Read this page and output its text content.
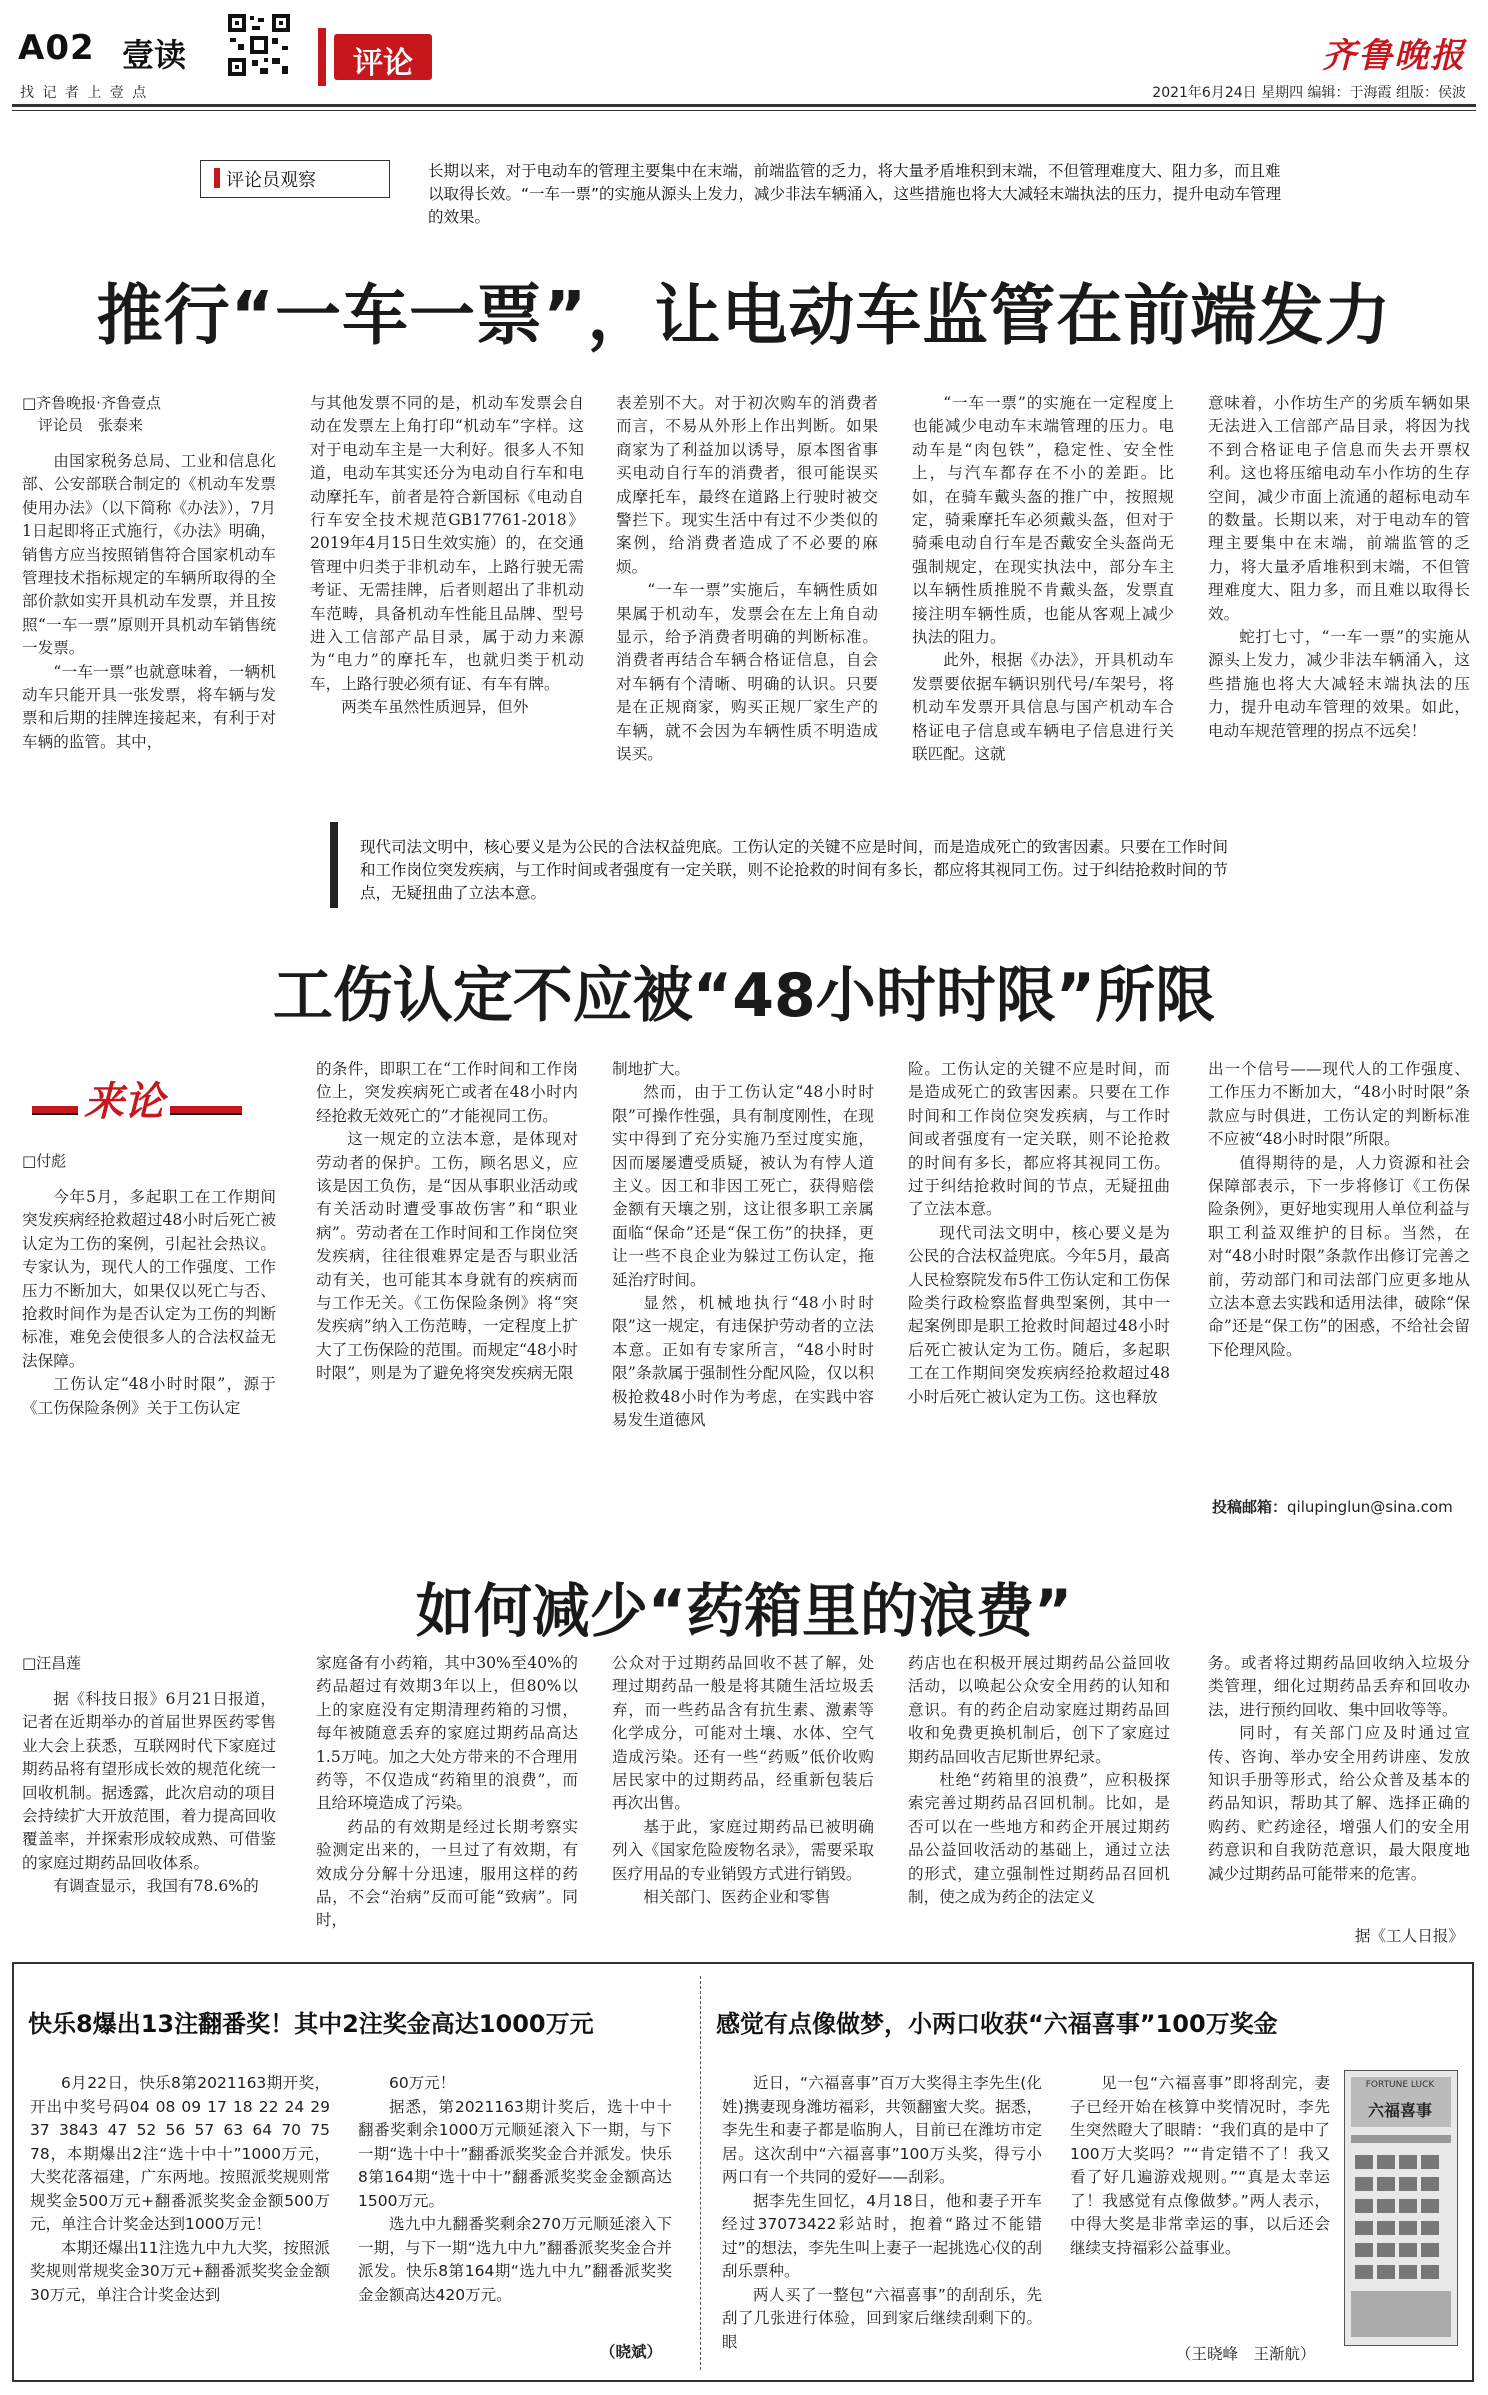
A02 壹读
找 记 者 上 壹 点
评论	齐鲁晚报
2021年6月24日 星期四 编辑：于海霞 组版：侯波
评论员观察	长期以来，对于电动车的管理主要集中在末端，前端监管的乏力，将大量矛盾堆积到末端，不但管理难度大、阻力多，而且难以取得长效。“一车一票”的实施从源头上发力，减少非法车辆涌入，这些措施也将大大减轻末端执法的压力，提升电动车管理的效果。
推行“一车一票”，让电动车监管在前端发力

□齐鲁晚报·齐鲁壹点

评论员　张泰来

由国家税务总局、工业和信息化部、公安部联合制定的《机动车发票使用办法》（以下简称《办法》），7月1日起即将正式施行，《办法》明确，销售方应当按照销售符合国家机动车管理技术指标规定的车辆所取得的全部价款如实开具机动车发票，并且按照“一车一票”原则开具机动车销售统一发票。

“一车一票”也就意味着，一辆机动车只能开具一张发票，将车辆与发票和后期的挂牌连接起来，有利于对车辆的监管。其中，

与其他发票不同的是，机动车发票会自动在发票左上角打印“机动车”字样。这对于电动车主是一大利好。很多人不知道，电动车其实还分为电动自行车和电动摩托车，前者是符合新国标《电动自行车安全技术规范GB17761-2018》2019年4月15日生效实施）的，在交通管理中归类于非机动车，上路行驶无需考证、无需挂牌，后者则超出了非机动车范畴，具备机动车性能且品牌、型号进入工信部产品目录，属于动力来源为“电力”的摩托车，也就归类于机动车，上路行驶必须有证、有车有牌。

两类车虽然性质迥异，但外

表差别不大。对于初次购车的消费者而言，不易从外形上作出判断。如果商家为了利益加以诱导，原本图省事买电动自行车的消费者，很可能误买成摩托车，最终在道路上行驶时被交警拦下。现实生活中有过不少类似的案例，给消费者造成了不必要的麻烦。

“一车一票”实施后，车辆性质如果属于机动车，发票会在左上角自动显示，给予消费者明确的判断标准。消费者再结合车辆合格证信息，自会对车辆有个清晰、明确的认识。只要是在正规商家，购买正规厂家生产的车辆，就不会因为车辆性质不明造成误买。

“一车一票”的实施在一定程度上也能减少电动车末端管理的压力。电动车是“肉包铁”，稳定性、安全性上，与汽车都存在不小的差距。比如，在骑车戴头盔的推广中，按照规定，骑乘摩托车必须戴头盔，但对于骑乘电动自行车是否戴安全头盔尚无强制规定，在现实执法中，部分车主以车辆性质推脱不肯戴头盔，发票直接注明车辆性质，也能从客观上减少执法的阻力。

此外，根据《办法》，开具机动车发票要依据车辆识别代号/车架号，将机动车发票开具信息与国产机动车合格证电子信息或车辆电子信息进行关联匹配。这就

意味着，小作坊生产的劣质车辆如果无法进入工信部产品目录，将因为找不到合格证电子信息而失去开票权利。这也将压缩电动车小作坊的生存空间，减少市面上流通的超标电动车的数量。长期以来，对于电动车的管理主要集中在末端，前端监管的乏力，将大量矛盾堆积到末端，不但管理难度大、阻力多，而且难以取得长效。

蛇打七寸，“一车一票”的实施从源头上发力，减少非法车辆涌入，这些措施也将大大减轻末端执法的压力，提升电动车管理的效果。如此，电动车规范管理的拐点不远矣！

现代司法文明中，核心要义是为公民的合法权益兜底。工伤认定的关键不应是时间，而是造成死亡的致害因素。只要在工作时间和工作岗位突发疾病，与工作时间或者强度有一定关联，则不论抢救的时间有多长，都应将其视同工伤。过于纠结抢救时间的节点，无疑扭曲了立法本意。
工伤认定不应被“48小时时限”所限
来论

□付彪

今年5月，多起职工在工作期间突发疾病经抢救超过48小时后死亡被认定为工伤的案例，引起社会热议。专家认为，现代人的工作强度、工作压力不断加大，如果仅以死亡与否、抢救时间作为是否认定为工伤的判断标准，难免会使很多人的合法权益无法保障。

工伤认定“48小时时限”，源于《工伤保险条例》关于工伤认定

的条件，即职工在“工作时间和工作岗位上，突发疾病死亡或者在48小时内经抢救无效死亡的”才能视同工伤。

这一规定的立法本意，是体现对劳动者的保护。工伤，顾名思义，应该是因工负伤，是“因从事职业活动或有关活动时遭受事故伤害”和“职业病”。劳动者在工作时间和工作岗位突发疾病，往往很难界定是否与职业活动有关，也可能其本身就有的疾病而与工作无关。《工伤保险条例》将“突发疾病”纳入工伤范畴，一定程度上扩大了工伤保险的范围。而规定“48小时时限”，则是为了避免将突发疾病无限

制地扩大。

然而，由于工伤认定“48小时时限”可操作性强，具有制度刚性，在现实中得到了充分实施乃至过度实施，因而屡屡遭受质疑，被认为有悖人道主义。因工和非因工死亡，获得赔偿金额有天壤之别，这让很多职工亲属面临“保命”还是“保工伤”的抉择，更让一些不良企业为躲过工伤认定，拖延治疗时间。

显然，机械地执行“48小时时限”这一规定，有违保护劳动者的立法本意。正如有专家所言，“48小时时限”条款属于强制性分配风险，仅以积极抢救48小时作为考虑，在实践中容易发生道德风

险。工伤认定的关键不应是时间，而是造成死亡的致害因素。只要在工作时间和工作岗位突发疾病，与工作时间或者强度有一定关联，则不论抢救的时间有多长，都应将其视同工伤。过于纠结抢救时间的节点，无疑扭曲了立法本意。

现代司法文明中，核心要义是为公民的合法权益兜底。今年5月，最高人民检察院发布5件工伤认定和工伤保险类行政检察监督典型案例，其中一起案例即是职工抢救时间超过48小时后死亡被认定为工伤。随后，多起职工在工作期间突发疾病经抢救超过48小时后死亡被认定为工伤。这也释放

出一个信号——现代人的工作强度、工作压力不断加大，“48小时时限”条款应与时俱进，工伤认定的判断标准不应被“48小时时限”所限。

值得期待的是，人力资源和社会保障部表示，下一步将修订《工伤保险条例》，更好地实现用人单位利益与职工利益双维护的目标。当然，在对“48小时时限”条款作出修订完善之前，劳动部门和司法部门应更多地从立法本意去实践和适用法律，破除“保命”还是“保工伤”的困惑，不给社会留下伦理风险。

投稿邮箱：qilupinglun@sina.com
如何减少“药箱里的浪费”

□汪昌莲

据《科技日报》6月21日报道，记者在近期举办的首届世界医药零售业大会上获悉，互联网时代下家庭过期药品将有望形成长效的规范化统一回收机制。据透露，此次启动的项目会持续扩大开放范围，着力提高回收覆盖率，并探索形成较成熟、可借鉴的家庭过期药品回收体系。

有调查显示，我国有78.6%的

家庭备有小药箱，其中30%至40%的药品超过有效期3年以上，但80%以上的家庭没有定期清理药箱的习惯，每年被随意丢弃的家庭过期药品高达1.5万吨。加之大处方带来的不合理用药等，不仅造成“药箱里的浪费”，而且给环境造成了污染。

药品的有效期是经过长期考察实验测定出来的，一旦过了有效期，有效成分分解十分迅速，服用这样的药品，不会“治病”反而可能“致病”。同时，

公众对于过期药品回收不甚了解，处理过期药品一般是将其随生活垃圾丢弃，而一些药品含有抗生素、激素等化学成分，可能对土壤、水体、空气造成污染。还有一些“药贩”低价收购居民家中的过期药品，经重新包装后再次出售。

基于此，家庭过期药品已被明确列入《国家危险废物名录》，需要采取医疗用品的专业销毁方式进行销毁。

相关部门、医药企业和零售

药店也在积极开展过期药品公益回收活动，以唤起公众安全用药的认知和意识。有的药企启动家庭过期药品回收和免费更换机制后，创下了家庭过期药品回收吉尼斯世界纪录。

杜绝“药箱里的浪费”，应积极探索完善过期药品召回机制。比如，是否可以在一些地方和药企开展过期药品公益回收活动的基础上，通过立法的形式，建立强制性过期药品召回机制，使之成为药企的法定义

务。或者将过期药品回收纳入垃圾分类管理，细化过期药品丢弃和回收办法，进行预约回收、集中回收等等。

同时，有关部门应及时通过宣传、咨询、举办安全用药讲座、发放知识手册等形式，给公众普及基本的药品知识，帮助其了解、选择正确的购药、贮药途径，增强人们的安全用药意识和自我防范意识，最大限度地减少过期药品可能带来的危害。

据《工人日报》
快乐8爆出13注翻番奖！其中2注奖金高达1000万元	感觉有点像做梦，小两口收获“六福喜事”100万奖金

6月22日，快乐8第2021163期开奖，开出中奖号码04 08 09 17 18 22 24 29 37 3843 47 52 56 57 63 64 70 75 78，本期爆出2注“选十中十”1000万元，大奖花落福建，广东两地。按照派奖规则常规奖金500万元+翻番派奖奖金金额500万元，单注合计奖金达到1000万元！

本期还爆出11注选九中九大奖，按照派奖规则常规奖金30万元+翻番派奖奖金金额30万元，单注合计奖金达到

60万元！

据悉，第2021163期计奖后，选十中十翻番奖剩余1000万元顺延滚入下一期，与下一期“选十中十”翻番派奖奖金合并派发。快乐8第164期“选十中十”翻番派奖奖金金额高达1500万元。

选九中九翻番奖剩余270万元顺延滚入下一期，与下一期“选九中九”翻番派奖奖金合并派发。快乐8第164期“选九中九”翻番派奖奖金金额高达420万元。

（晓斌）

近日，“六福喜事”百万大奖得主李先生(化姓)携妻现身潍坊福彩，共领翻蜜大奖。据悉，李先生和妻子都是临朐人，目前已在潍坊市定居。这次刮中“六福喜事”100万头奖，得亏小两口有一个共同的爱好——刮彩。

据李先生回忆，4月18日，他和妻子开车经过37073422彩站时，抱着“路过不能错过”的想法，李先生叫上妻子一起挑选心仪的刮刮乐票种。

两人买了一整包“六福喜事”的刮刮乐，先刮了几张进行体验，回到家后继续刮剩下的。眼

见一包“六福喜事”即将刮完，妻子已经开始在核算中奖情况时，李先生突然瞪大了眼睛：“我们真的是中了100万大奖吗？”“肯定错不了！我又看了好几遍游戏规则。”“真是太幸运了！我感觉有点像做梦。”两人表示，中得大奖是非常幸运的事，以后还会继续支持福彩公益事业。

（王晓峰　王渐航）
FORTUNE LUCK
六福喜事
